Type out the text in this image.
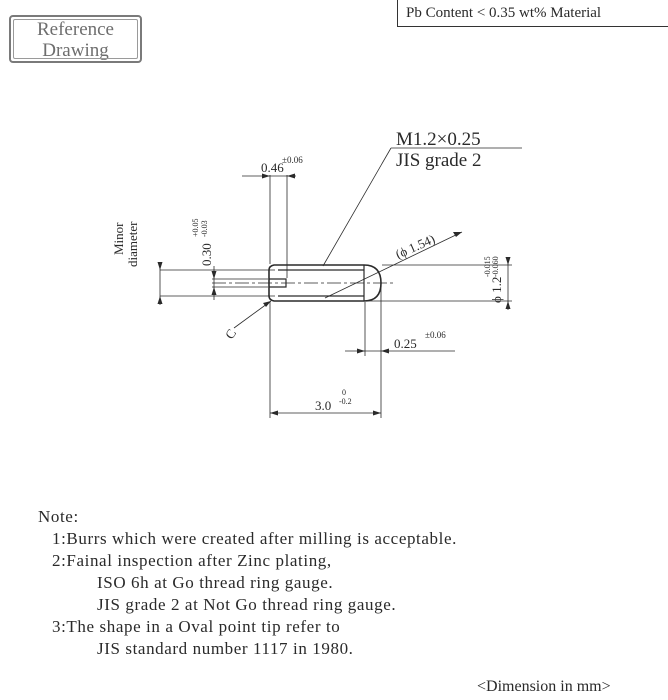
Reference
Drawing
Pb Content < 0.35 wt% Material
M1.2×0.25
JIS grade 2
0.46
±0.06
0.30
+0.05 -0.03
Minor diameter	(ϕ 1.54)
ϕ 1.2
-0.015 -0.060
C
0.25
±0.06
3.0
0
-0.2
Note:
1:Burrs which were created after milling is acceptable.
2:Fainal inspection after Zinc plating,
ISO 6h at Go thread ring gauge.
JIS grade 2 at Not Go thread ring gauge.
3:The shape in a Oval point tip refer to
JIS standard number 1117 in 1980.
<Dimension in mm>
